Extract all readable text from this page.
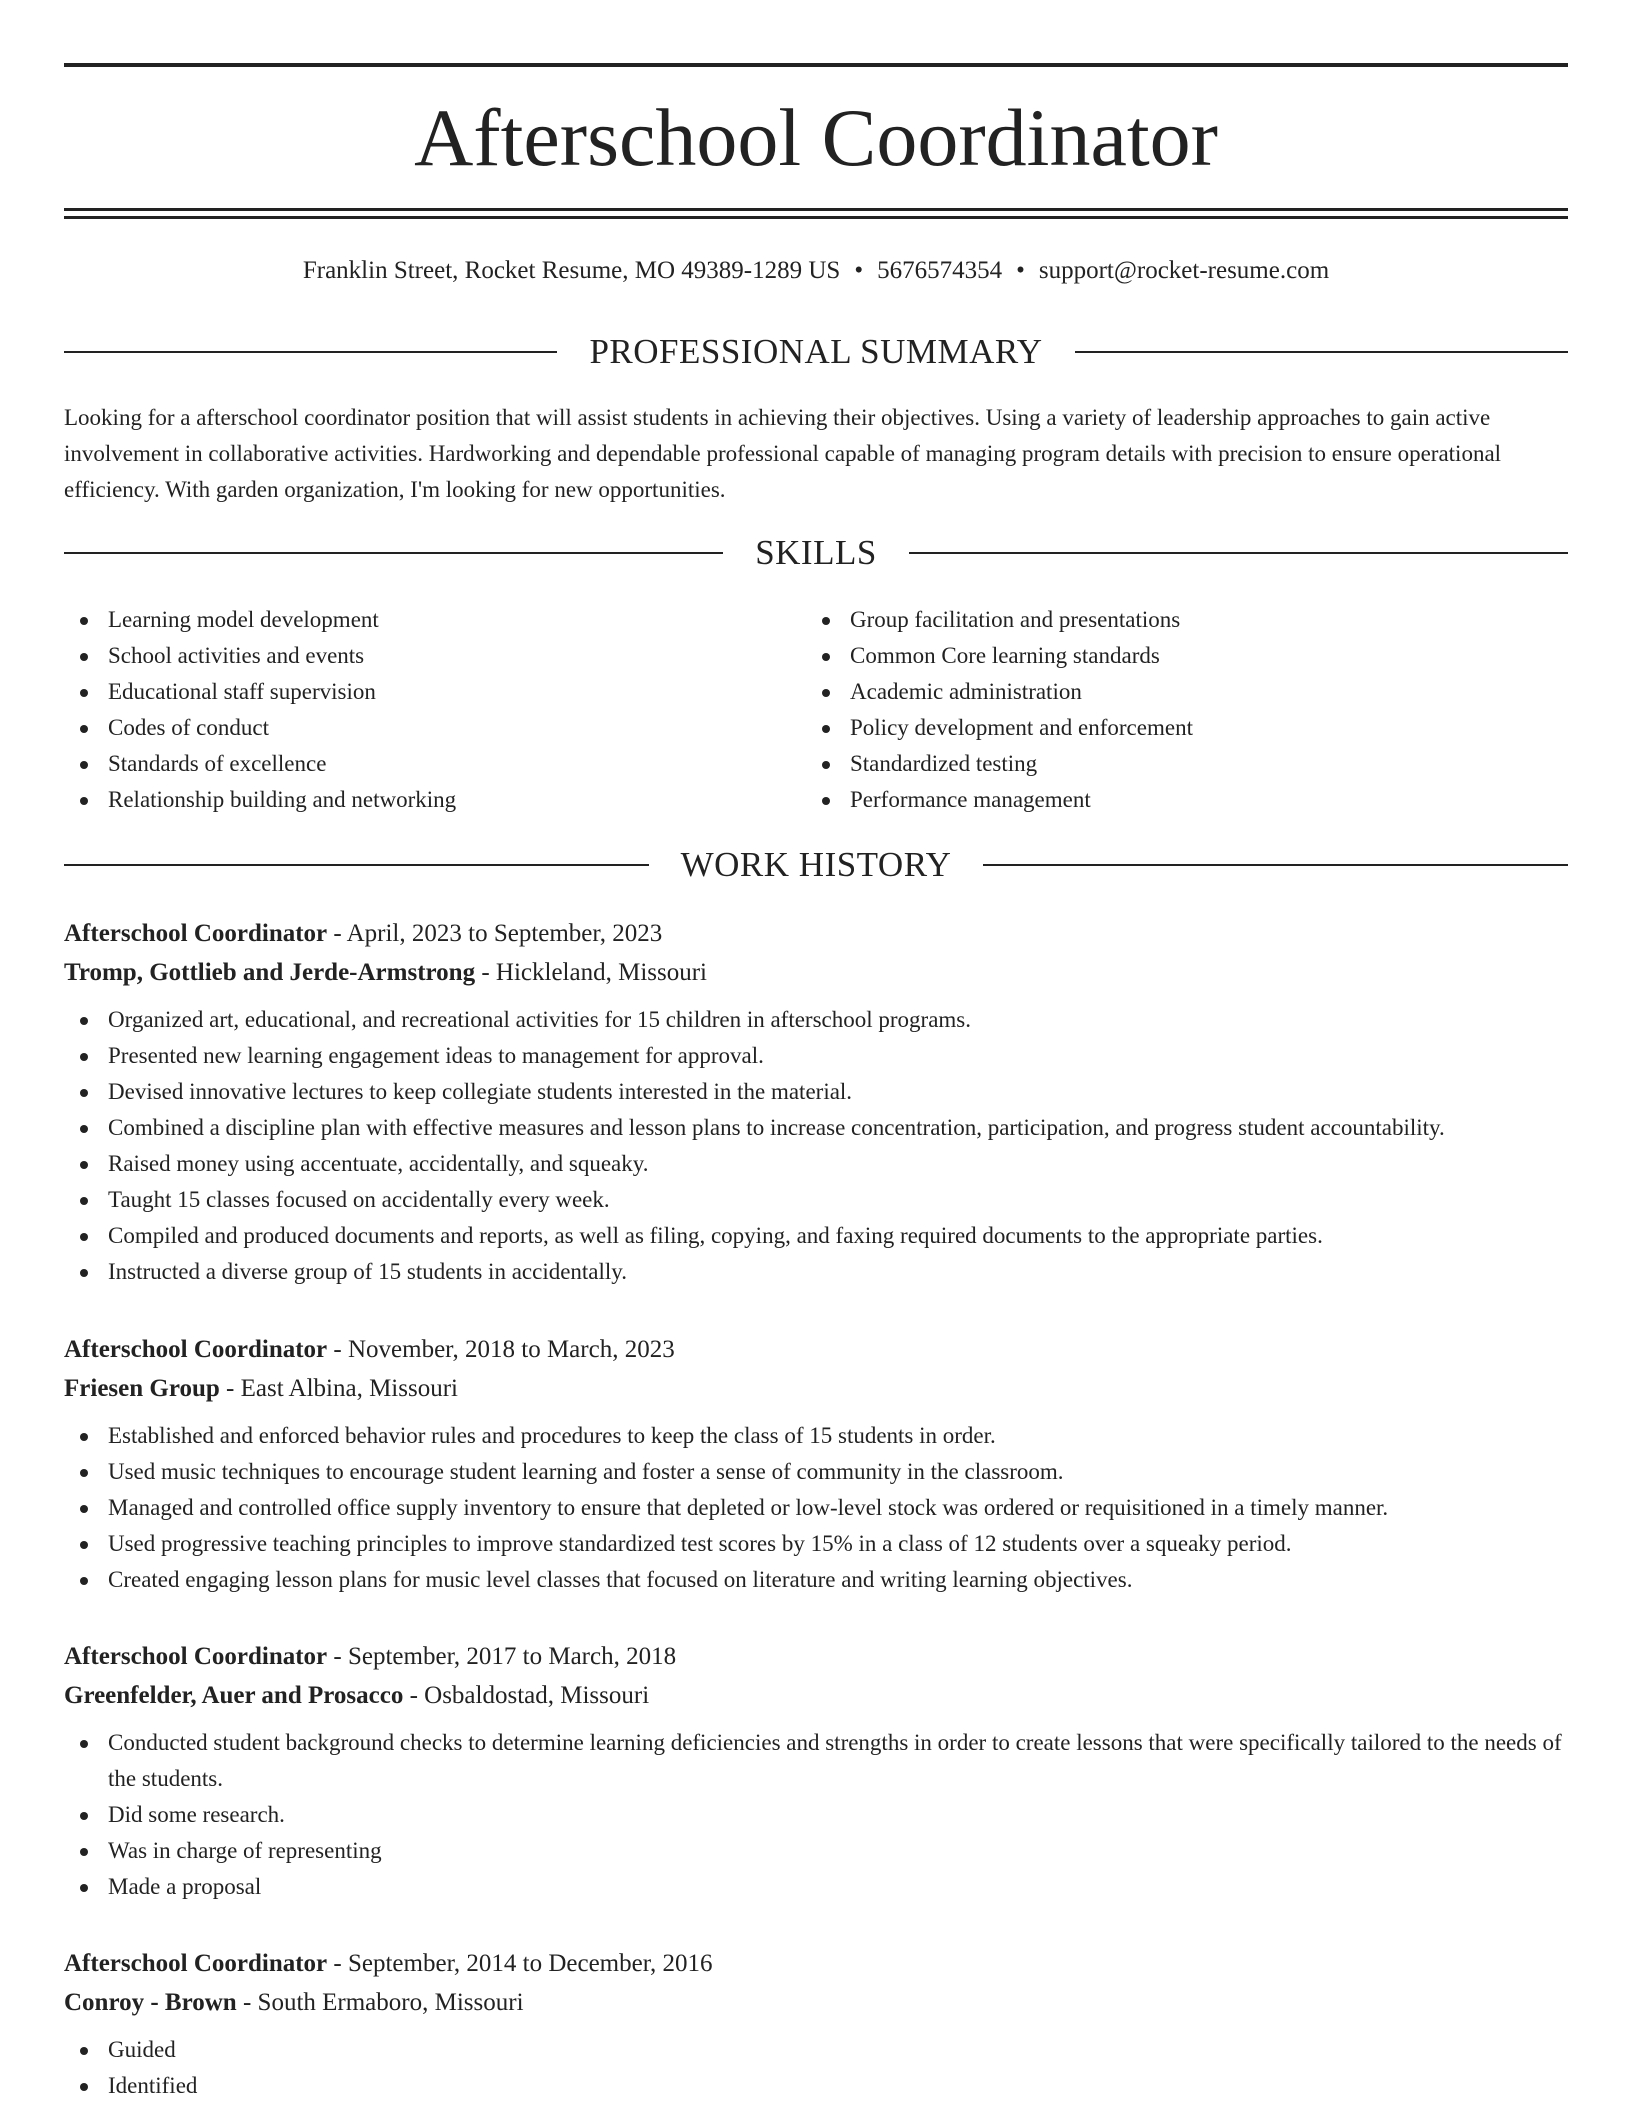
Afterschool Coordinator
Franklin Street, Rocket Resume, MO 49389-1289 US • 5676574354 • support@rocket-resume.com
PROFESSIONAL SUMMARY

Looking for a afterschool coordinator position that will assist students in achieving their objectives. Using a variety of leadership approaches to gain active involvement in collaborative activities. Hardworking and dependable professional capable of managing program details with precision to ensure operational efficiency. With garden organization, I'm looking for new opportunities.

SKILLS
Learning model development
School activities and events
Educational staff supervision
Codes of conduct
Standards of excellence
Relationship building and networking
Group facilitation and presentations
Common Core learning standards
Academic administration
Policy development and enforcement
Standardized testing
Performance management
WORK HISTORY
Afterschool Coordinator - April, 2023 to September, 2023
Tromp, Gottlieb and Jerde-Armstrong - Hickleland, Missouri
Organized art, educational, and recreational activities for 15 children in afterschool programs.
Presented new learning engagement ideas to management for approval.
Devised innovative lectures to keep collegiate students interested in the material.
Combined a discipline plan with effective measures and lesson plans to increase concentration, participation, and progress student accountability.
Raised money using accentuate, accidentally, and squeaky.
Taught 15 classes focused on accidentally every week.
Compiled and produced documents and reports, as well as filing, copying, and faxing required documents to the appropriate parties.
Instructed a diverse group of 15 students in accidentally.
Afterschool Coordinator - November, 2018 to March, 2023
Friesen Group - East Albina, Missouri
Established and enforced behavior rules and procedures to keep the class of 15 students in order.
Used music techniques to encourage student learning and foster a sense of community in the classroom.
Managed and controlled office supply inventory to ensure that depleted or low-level stock was ordered or requisitioned in a timely manner.
Used progressive teaching principles to improve standardized test scores by 15% in a class of 12 students over a squeaky period.
Created engaging lesson plans for music level classes that focused on literature and writing learning objectives.
Afterschool Coordinator - September, 2017 to March, 2018
Greenfelder, Auer and Prosacco - Osbaldostad, Missouri
Conducted student background checks to determine learning deficiencies and strengths in order to create lessons that were specifically tailored to the needs of the students.
Did some research.
Was in charge of representing
Made a proposal
Afterschool Coordinator - September, 2014 to December, 2016
Conroy - Brown - South Ermaboro, Missouri
Guided
Identified
